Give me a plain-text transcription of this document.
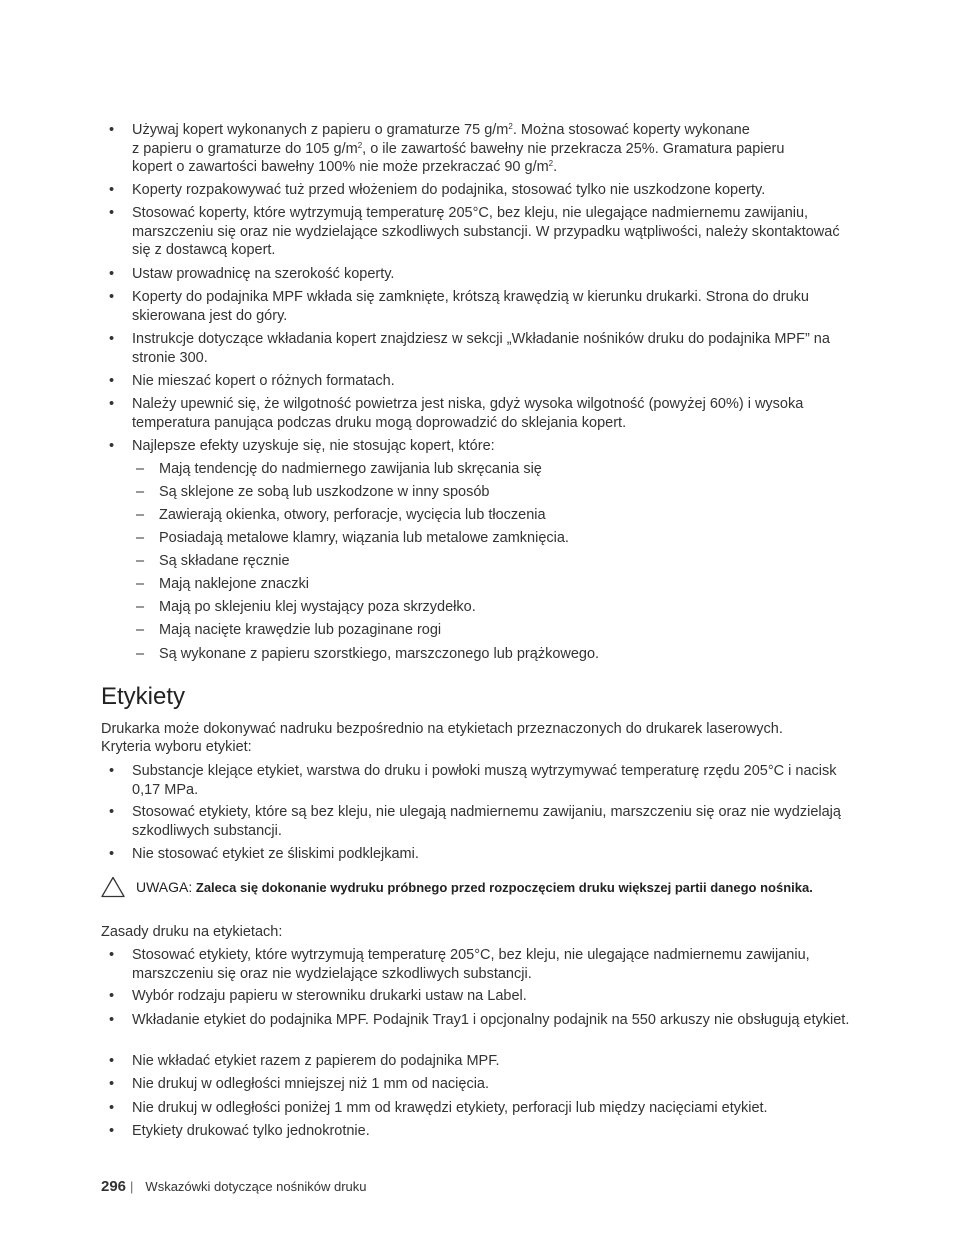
•	Używaj kopert wykonanych z papieru o gramaturze 75 $g/m^2$. Można stosować koperty wykonane
z papieru o gramaturze do 105 $g/m^2$, o ile zawartość bawełny nie przekracza 25%. Gramatura papieru
kopert o zawartości bawełny 100% nie może przekraczać 90 $g/m^2$.
•	Koperty rozpakowywać tuż przed włożeniem do podajnika, stosować tylko nie uszkodzone koperty.
•	Stosować koperty, które wytrzymują temperaturę 205°C, bez kleju, nie ulegające nadmiernemu zawijaniu, marszczeniu się oraz nie wydzielające szkodliwych substancji. W przypadku wątpliwości, należy skontaktować się z dostawcą kopert.
•	Ustaw prowadnicę na szerokość koperty.
•	Koperty do podajnika MPF wkłada się zamknięte, krótszą krawędzią w kierunku drukarki. Strona do druku skierowana jest do góry.
•	Instrukcje dotyczące wkładania kopert znajdziesz w sekcji „Wkładanie nośników druku do podajnika MPF” na stronie 300.
•	Nie mieszać kopert o różnych formatach.
•	Należy upewnić się, że wilgotność powietrza jest niska, gdyż wysoka wilgotność (powyżej 60%) i wysoka temperatura panująca podczas druku mogą doprowadzić do sklejania kopert.
•	Najlepsze efekty uzyskuje się, nie stosując kopert, które:
–	Mają tendencję do nadmiernego zawijania lub skręcania się
–	Są sklejone ze sobą lub uszkodzone w inny sposób
–	Zawierają okienka, otwory, perforacje, wycięcia lub tłoczenia
–	Posiadają metalowe klamry, wiązania lub metalowe zamknięcia.
–	Są składane ręcznie
–	Mają naklejone znaczki
–	Mają po sklejeniu klej wystający poza skrzydełko.
–	Mają nacięte krawędzie lub pozaginane rogi
–	Są wykonane z papieru szorstkiego, marszczonego lub prążkowego.
Etykiety

Drukarka może dokonywać nadruku bezpośrednio na etykietach przeznaczonych do drukarek laserowych. Kryteria wyboru etykiet:

•	Substancje klejące etykiet, warstwa do druku i powłoki muszą wytrzymywać temperaturę rzędu 205°C i nacisk 0,17 MPa.
•	Stosować etykiety, które są bez kleju, nie ulegają nadmiernemu zawijaniu, marszczeniu się oraz nie wydzielają szkodliwych substancji.
•	Nie stosować etykiet ze śliskimi podklejkami.
UWAGA: Zaleca się dokonanie wydruku próbnego przed rozpoczęciem druku większej partii danego nośnika.

Zasady druku na etykietach:

•	Stosować etykiety, które wytrzymują temperaturę 205°C, bez kleju, nie ulegające nadmiernemu zawijaniu, marszczeniu się oraz nie wydzielające szkodliwych substancji.
•	Wybór rodzaju papieru w sterowniku drukarki ustaw na Label.
•	Wkładanie etykiet do podajnika MPF. Podajnik Tray1 i opcjonalny podajnik na 550 arkuszy nie obsługują etykiet.
•	Nie wkładać etykiet razem z papierem do podajnika MPF.
•	Nie drukuj w odległości mniejszej niż 1 mm od nacięcia.
•	Nie drukuj w odległości poniżej 1 mm od krawędzi etykiety, perforacji lub między nacięciami etykiet.
•	Etykiety drukować tylko jednokrotnie.
296 | Wskazówki dotyczące nośników druku
